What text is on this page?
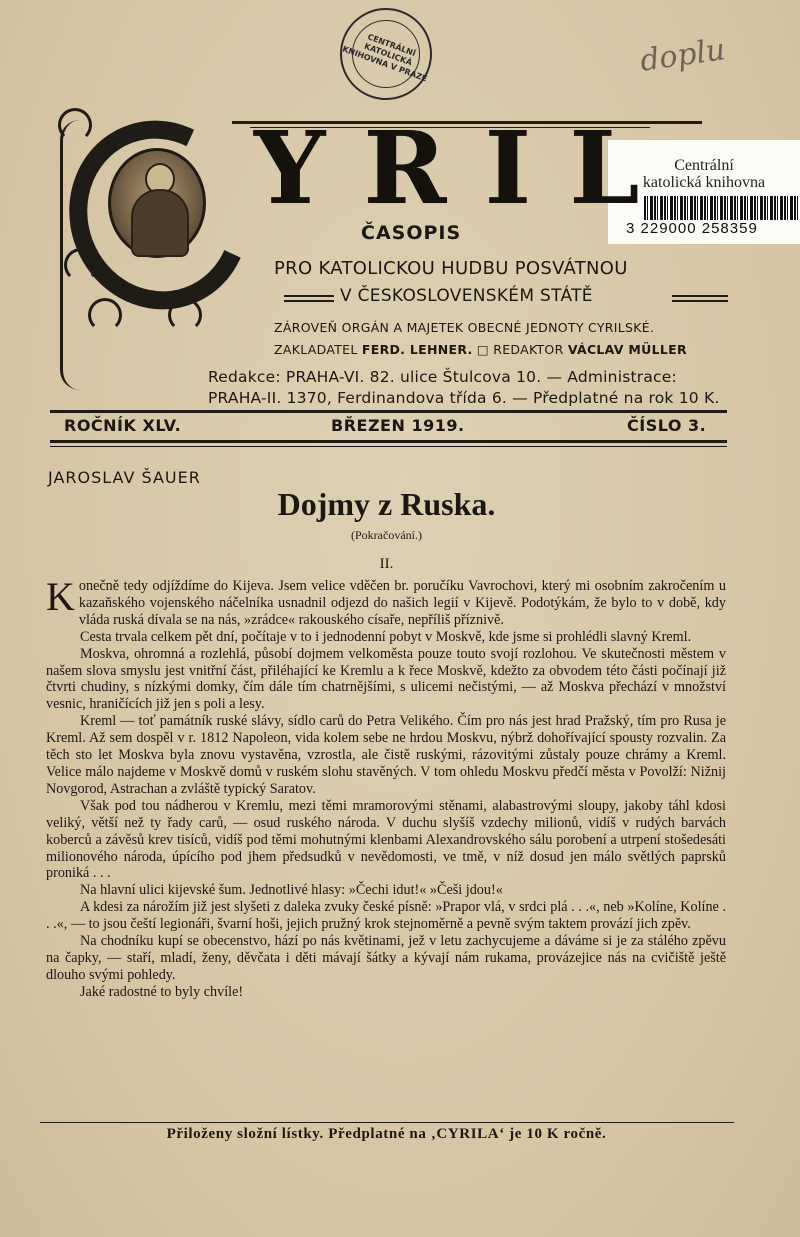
CENTRÁLNÍ KATOLICKÁ KNIHOVNA V PRAZE	doplu
Centrální
katolická knihovna
3 229000 258359
YRIL
ČASOPIS
PRO KATOLICKOU HUDBU POSVÁTNOU
V ČESKOSLOVENSKÉM STÁTĚ
ZÁROVEŇ ORGÁN A MAJETEK OBECNÉ JEDNOTY CYRILSKÉ.
ZAKLADATEL FERD. LEHNER. □ REDAKTOR VÁCLAV MÜLLER
Redakce: PRAHA-VI. 82. ulice Štulcova 10. — Administrace:
PRAHA-II. 1370, Ferdinandova třída 6. — Předplatné na rok 10 K.
ROČNÍK XLV.	BŘEZEN 1919.	ČÍSLO 3.
JAROSLAV ŠAUER
Dojmy z Ruska.
(Pokračování.)
II.

Konečně tedy odjíždíme do Kijeva. Jsem velice vděčen br. poručíku Vavrochovi, který mi osobním zakročením u kazaňského vojenského náčelníka usnadnil odjezd do našich legií v Kijevě. Podotýkám, že bylo to v době, kdy vláda ruská dívala se na nás, »zrádce« rakouského císaře, nepříliš příznivě.

Cesta trvala celkem pět dní, počítaje v to i jednodenní pobyt v Moskvě, kde jsme si prohlédli slavný Kreml.

Moskva, ohromná a rozlehlá, působí dojmem velkoměsta pouze touto svojí rozlohou. Ve skutečnosti městem v našem slova smyslu jest vnitřní část, přiléhající ke Kremlu a k řece Moskvě, kdežto za obvodem této části počínají již čtvrti chudiny, s nízkými domky, čím dále tím chatrnějšími, s ulicemi nečistými, — až Moskva přechází v množství vesnic, hraničících již jen s poli a lesy.

Kreml — toť památník ruské slávy, sídlo carů do Petra Velikého. Čím pro nás jest hrad Pražský, tím pro Rusa je Kreml. Až sem dospěl v r. 1812 Napoleon, vida kolem sebe ne hrdou Moskvu, nýbrž dohořívající spousty rozvalin. Za těch sto let Moskva byla znovu vystavěna, vzrostla, ale čistě ruskými, rázovitými zůstaly pouze chrámy a Kreml. Velice málo najdeme v Moskvě domů v ruském slohu stavěných. V tom ohledu Moskvu předčí města v Povolží: Nižnij Novgorod, Astrachan a zvláště typický Saratov.

Však pod tou nádherou v Kremlu, mezi těmi mramorovými stěnami, alabastrovými sloupy, jakoby táhl kdosi veliký, větší než ty řady carů, — osud ruského národa. V duchu slyšíš vzdechy milionů, vidíš v rudých barvách koberců a závěsů krev tisíců, vidíš pod těmi mohutnými klenbami Alexandrovského sálu porobení a utrpení stošedesáti milionového národa, úpícího pod jhem předsudků v nevědomosti, ve tmě, v níž dosud jen málo světlých paprsků proniká . . .

Na hlavní ulici kijevské šum. Jednotlivé hlasy: »Čechi idut!« »Češi jdou!«

A kdesi za nárožím již jest slyšeti z daleka zvuky české písně: »Prapor vlá, v srdci plá . . .«, neb »Kolíne, Kolíne . . .«, — to jsou čeští legionáři, švarní hoši, jejich pružný krok stejnoměrně a pevně svým taktem provází jich zpěv.

Na chodníku kupí se obecenstvo, hází po nás květinami, jež v letu zachycujeme a dáváme si je za stálého zpěvu na čapky, — staří, mladí, ženy, děvčata i děti mávají šátky a kývají nám rukama, provázejice nás na cvičiště ještě dlouho svými pohledy.

Jaké radostné to byly chvíle!

Přiloženy složní lístky. Předplatné na ‚CYRILA‘ je 10 K ročně.
